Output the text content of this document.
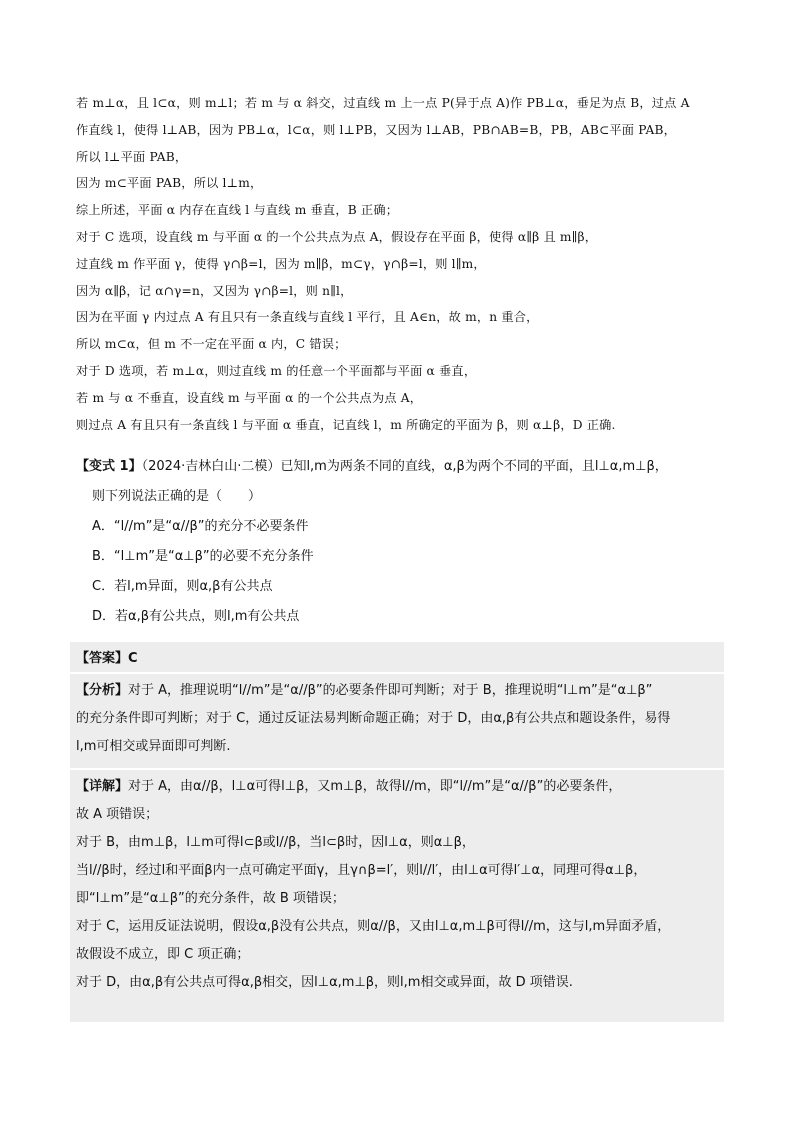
若 m⊥α，且 l⊂α，则 m⊥l；若 m 与 α 斜交，过直线 m 上一点 P(异于点 A)作 PB⊥α，垂足为点 B，过点 A
作直线 l，使得 l⊥AB，因为 PB⊥α，l⊂α，则 l⊥PB，又因为 l⊥AB，PB∩AB=B，PB，AB⊂平面 PAB，
所以 l⊥平面 PAB，
因为 m⊂平面 PAB，所以 l⊥m，
综上所述，平面 α 内存在直线 l 与直线 m 垂直，B 正确；
对于 C 选项，设直线 m 与平面 α 的一个公共点为点 A，假设存在平面 β，使得 α∥β 且 m∥β，
过直线 m 作平面 γ，使得 γ∩β=l，因为 m∥β，m⊂γ，γ∩β=l，则 l∥m，
因为 α∥β，记 α∩γ=n，又因为 γ∩β=l，则 n∥l，
因为在平面 γ 内过点 A 有且只有一条直线与直线 l 平行，且 A∈n，故 m，n 重合，
所以 m⊂α，但 m 不一定在平面 α 内，C 错误；
对于 D 选项，若 m⊥α，则过直线 m 的任意一个平面都与平面 α 垂直，
若 m 与 α 不垂直，设直线 m 与平面 α 的一个公共点为点 A，
则过点 A 有且只有一条直线 l 与平面 α 垂直，记直线 l，m 所确定的平面为 β，则 α⊥β，D 正确.
【变式 1】（2024·吉林白山·二模）已知l,m为两条不同的直线，α,β为两个不同的平面，且l⊥α,m⊥β，
则下列说法正确的是（　　）
A．“l//m”是“α//β”的充分不必要条件
B．“l⊥m”是“α⊥β”的必要不充分条件
C．若l,m异面，则α,β有公共点
D．若α,β有公共点，则l,m有公共点
【答案】C
【分析】对于 A，推理说明“l//m”是“α//β”的必要条件即可判断；对于 B，推理说明“l⊥m”是“α⊥β”
的充分条件即可判断；对于 C，通过反证法易判断命题正确；对于 D，由α,β有公共点和题设条件，易得
l,m可相交或异面即可判断.
【详解】对于 A，由α//β，l⊥α可得l⊥β，又m⊥β，故得l//m，即“l//m”是“α//β”的必要条件，
故 A 项错误；
对于 B，由m⊥β，l⊥m可得l⊂β或l//β，当l⊂β时，因l⊥α，则α⊥β，
当l//β时，经过l和平面β内一点可确定平面γ，且γ∩β=l′，则l//l′，由l⊥α可得l′⊥α，同理可得α⊥β，
即“l⊥m”是“α⊥β”的充分条件，故 B 项错误；
对于 C，运用反证法说明，假设α,β没有公共点，则α//β，又由l⊥α,m⊥β可得l//m，这与l,m异面矛盾，
故假设不成立，即 C 项正确；
对于 D，由α,β有公共点可得α,β相交，因l⊥α,m⊥β，则l,m相交或异面，故 D 项错误.
